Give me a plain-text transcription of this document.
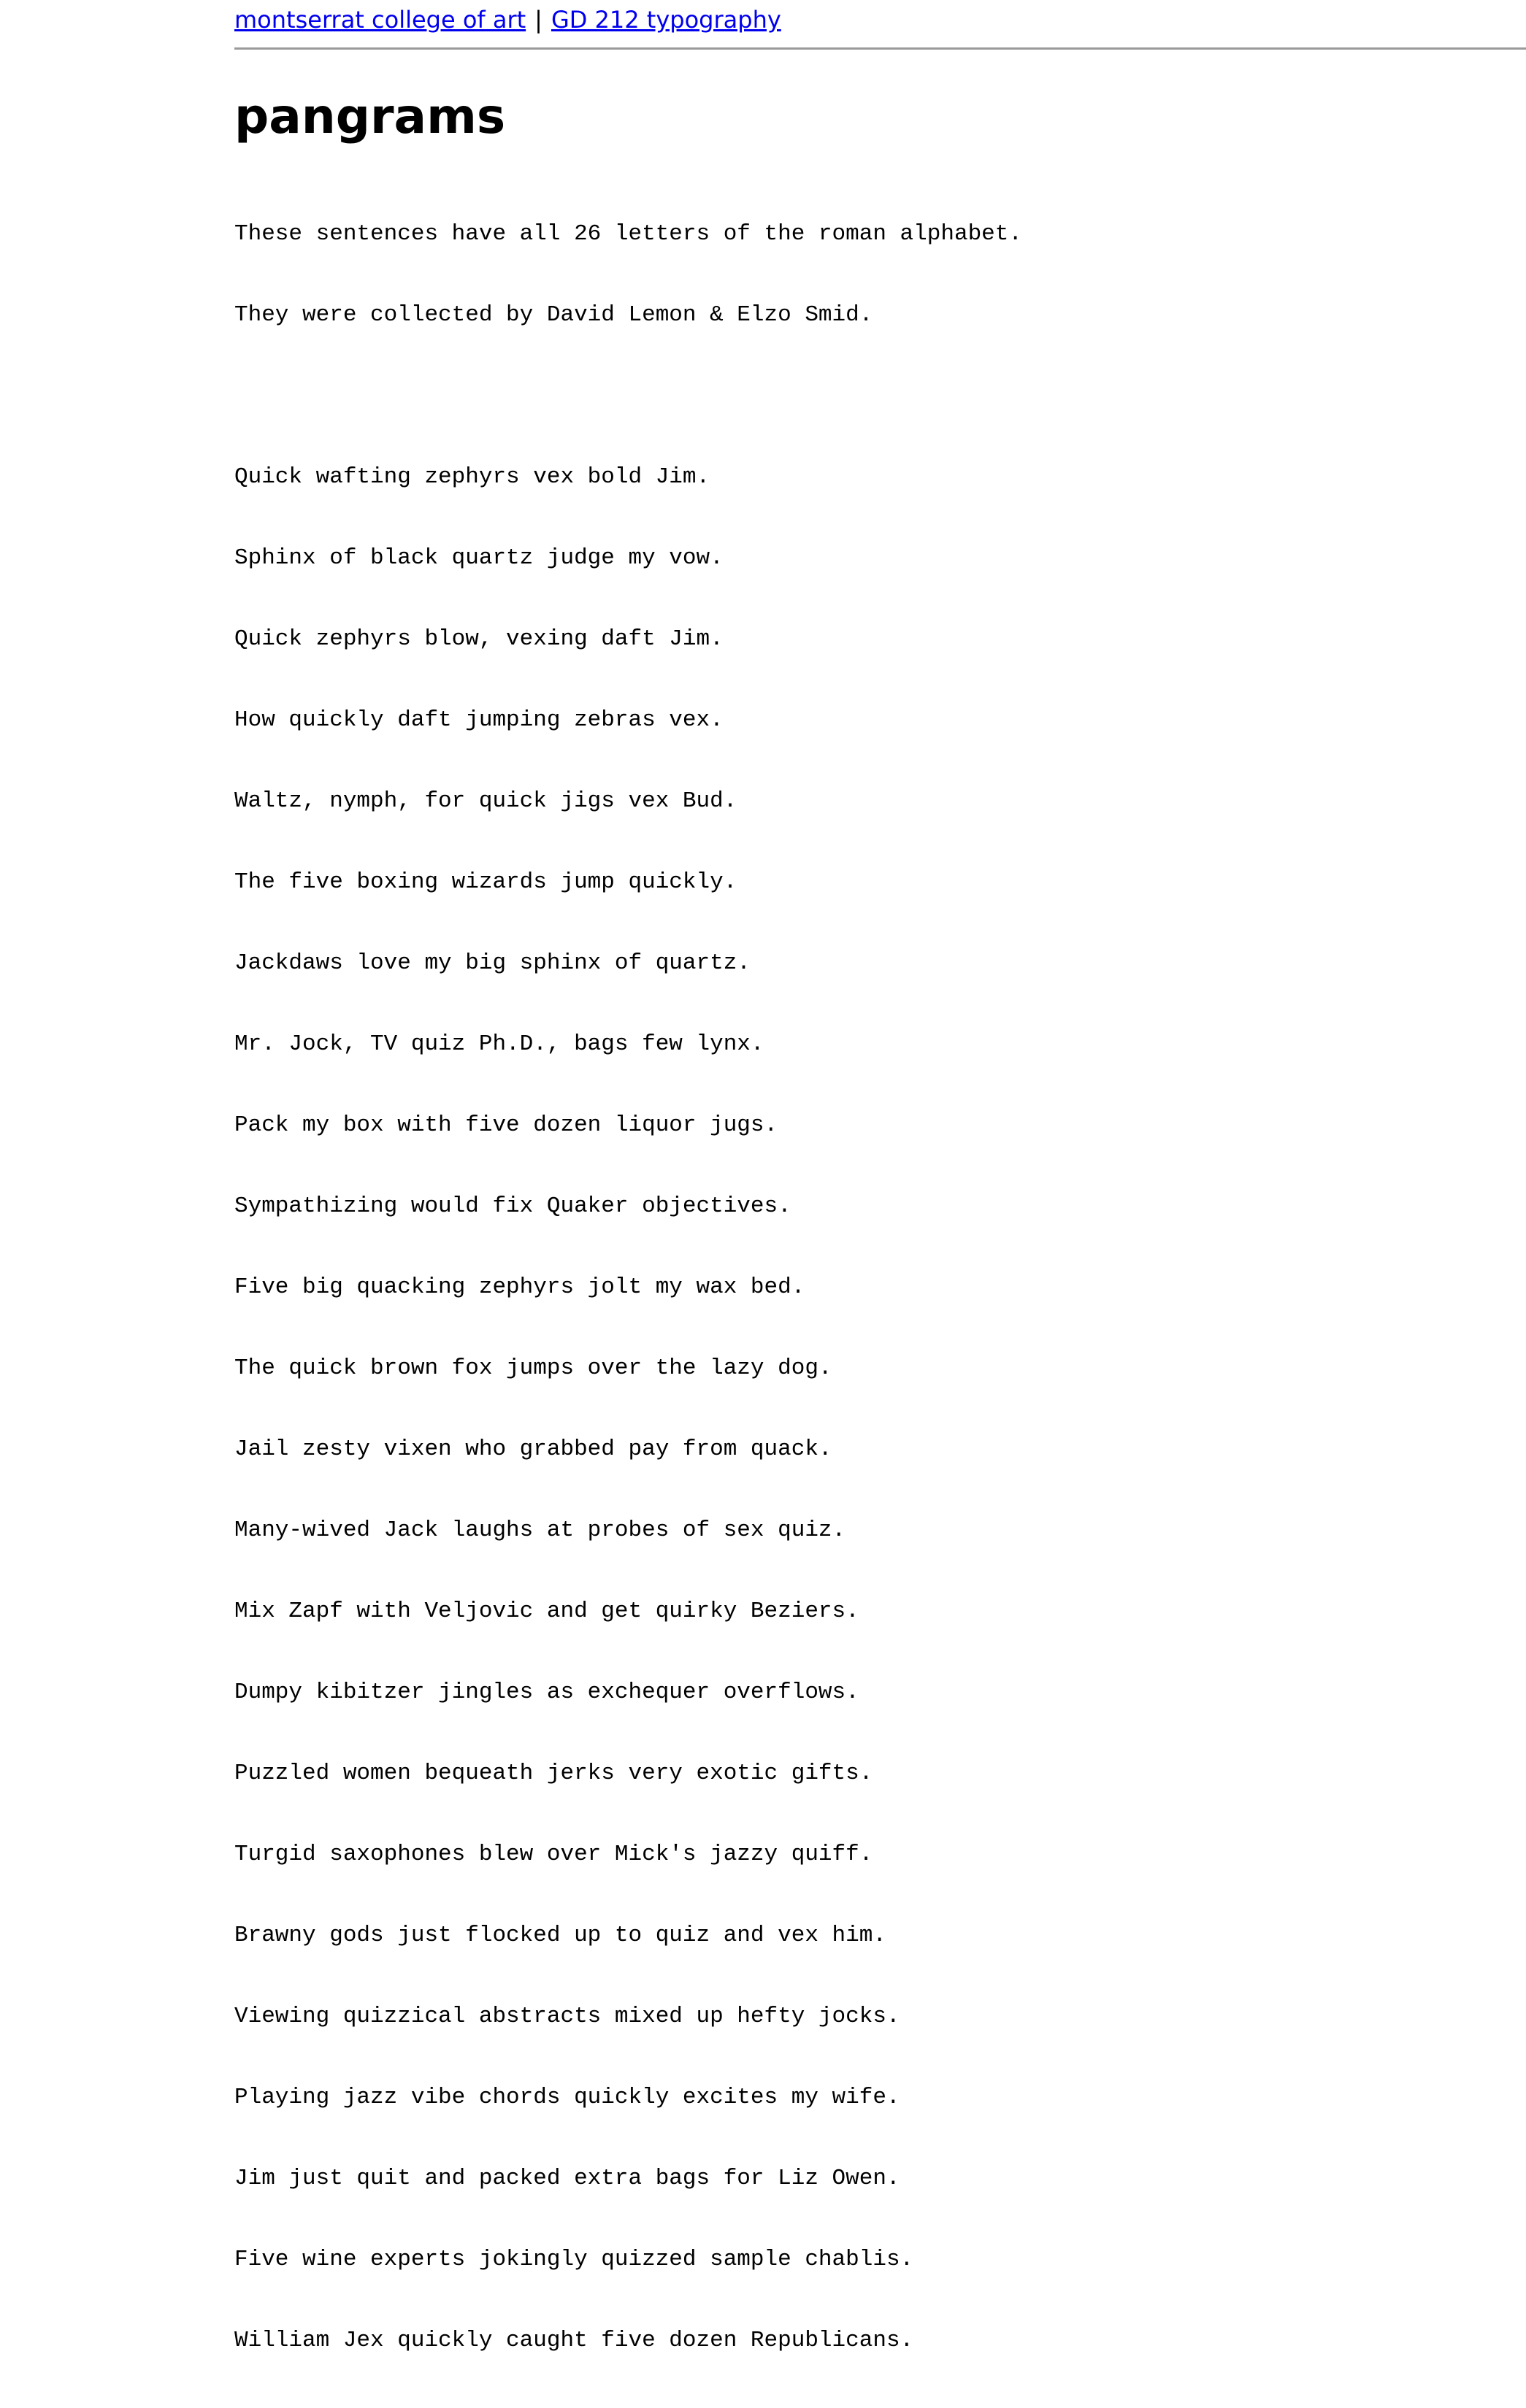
montserrat college of art | GD 212 typography
pangrams

These sentences have all 26 letters of the roman alphabet.

They were collected by David Lemon & Elzo Smid.

Quick wafting zephyrs vex bold Jim.

Sphinx of black quartz judge my vow.

Quick zephyrs blow, vexing daft Jim.

How quickly daft jumping zebras vex.

Waltz, nymph, for quick jigs vex Bud.

The five boxing wizards jump quickly.

Jackdaws love my big sphinx of quartz.

Mr. Jock, TV quiz Ph.D., bags few lynx.

Pack my box with five dozen liquor jugs.

Sympathizing would fix Quaker objectives.

Five big quacking zephyrs jolt my wax bed.

The quick brown fox jumps over the lazy dog.

Jail zesty vixen who grabbed pay from quack.

Many-wived Jack laughs at probes of sex quiz.

Mix Zapf with Veljovic and get quirky Beziers.

Dumpy kibitzer jingles as exchequer overflows.

Puzzled women bequeath jerks very exotic gifts.

Turgid saxophones blew over Mick's jazzy quiff.

Brawny gods just flocked up to quiz and vex him.

Viewing quizzical abstracts mixed up hefty jocks.

Playing jazz vibe chords quickly excites my wife.

Jim just quit and packed extra bags for Liz Owen.

Five wine experts jokingly quizzed sample chablis.

William Jex quickly caught five dozen Republicans.
